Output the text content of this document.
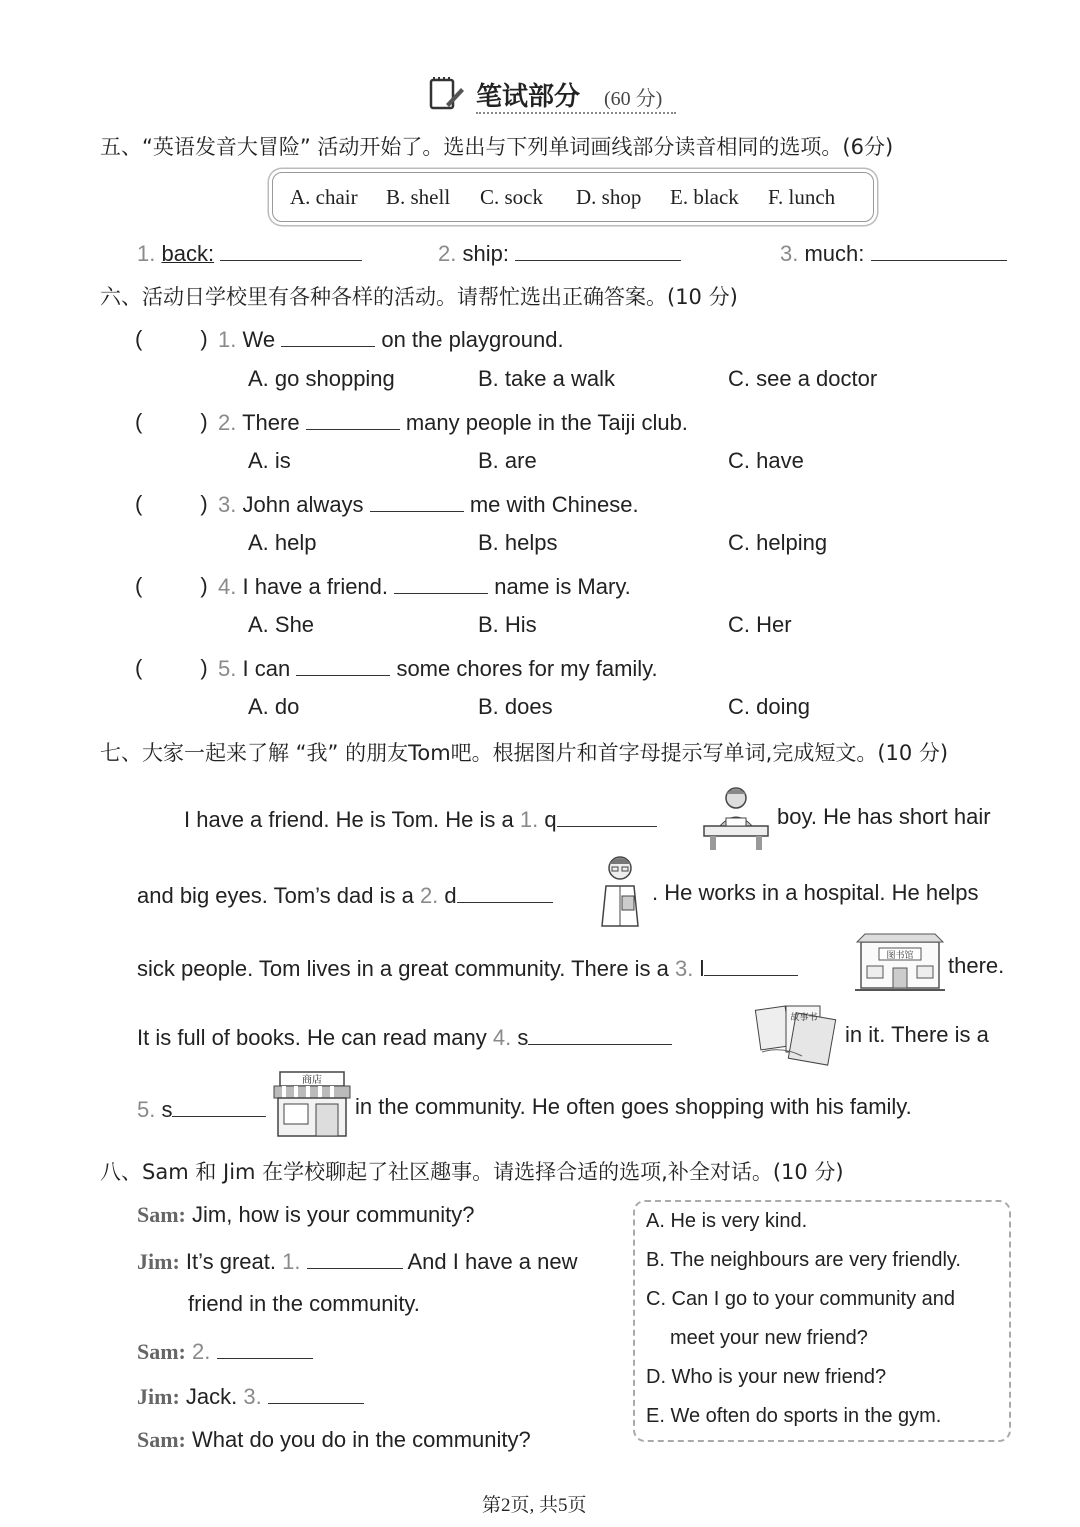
笔试部分 (60 分)
五、“英语发音大冒险” 活动开始了。选出与下列单词画线部分读音相同的选项。(6分)
A. chair B. shell C. sock D. shop E. black F. lunch
1. back:	2. ship:	3. much:
六、活动日学校里有各种各样的活动。请帮忙选出正确答案。(10 分)
(	) 1. We	on the playground.
A. go shopping	B. take a walk	C. see a doctor
(	) 2. There	many people in the Taiji club.
A. is	B. are	C. have
(	) 3. John always	me with Chinese.
A. help	B. helps	C. helping
(	) 4. I have a friend.	name is Mary.
A. She	B. His	C. Her
(	) 5. I can	some chores for my family.
A. do	B. does	C. doing
七、大家一起来了解 “我” 的朋友Tom吧。根据图片和首字母提示写单词,完成短文。(10 分)
I have a friend. He is Tom. He is a 1. q	boy. He has short hair
and big eyes. Tom’s dad is a 2. d	. He works in a hospital. He helps
sick people. Tom lives in a great community. There is a 3. l	图书馆 there.
It is full of books. He can read many 4. s
故事书
in it. There is a
5. s
商店
in the community. He often goes shopping with his family.
八、Sam 和 Jim 在学校聊起了社区趣事。请选择合适的选项,补全对话。(10 分)
Sam: Jim, how is your community?
Jim: It’s great. 1.	And I have a new
friend in the community.
Sam: 2.
Jim: Jack. 3.
Sam: What do you do in the community?
A. He is very kind.
B. The neighbours are very friendly.
C. Can I go to your community and
meet your new friend?
D. Who is your new friend?
E. We often do sports in the gym.
第2页, 共5页
